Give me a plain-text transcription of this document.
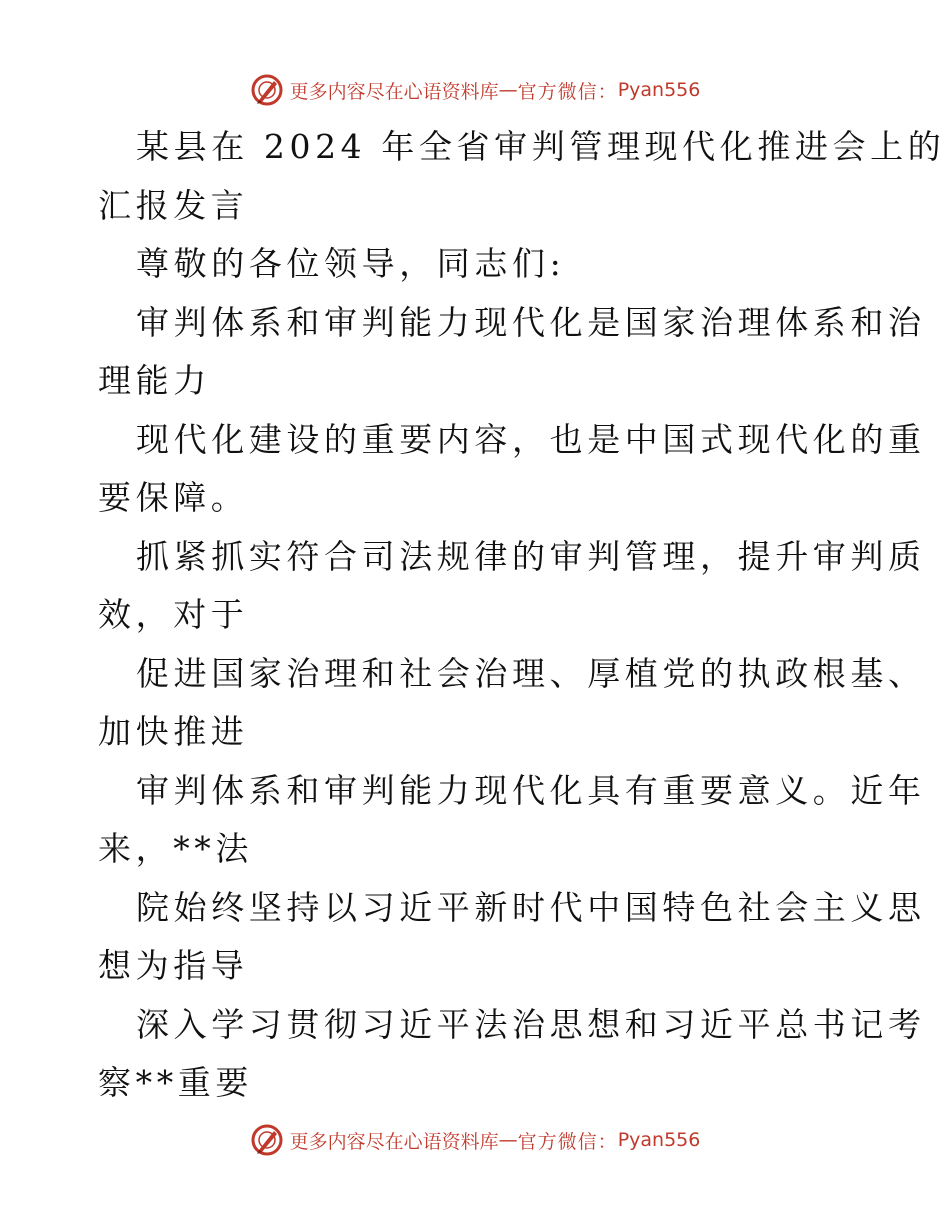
更多内容尽在心语资料库 — 官方微信： Pyan556
某县在 2024 年全省审判管理现代化推进会上的
汇报发言
尊敬的各位领导，同志们:
审判体系和审判能力现代化是国家治理体系和治
理能力
现代化建设的重要内容，也是中国式现代化的重
要保障。
抓紧抓实符合司法规律的审判管理，提升审判质
效，对于
促进国家治理和社会治理、厚植党的执政根基、
加快推进
审判体系和审判能力现代化具有重要意义。近年
来，**法
院始终坚持以习近平新时代中国特色社会主义思
想为指导
深入学习贯彻习近平法治思想和习近平总书记考
察**重要
更多内容尽在心语资料库 — 官方微信： Pyan556
